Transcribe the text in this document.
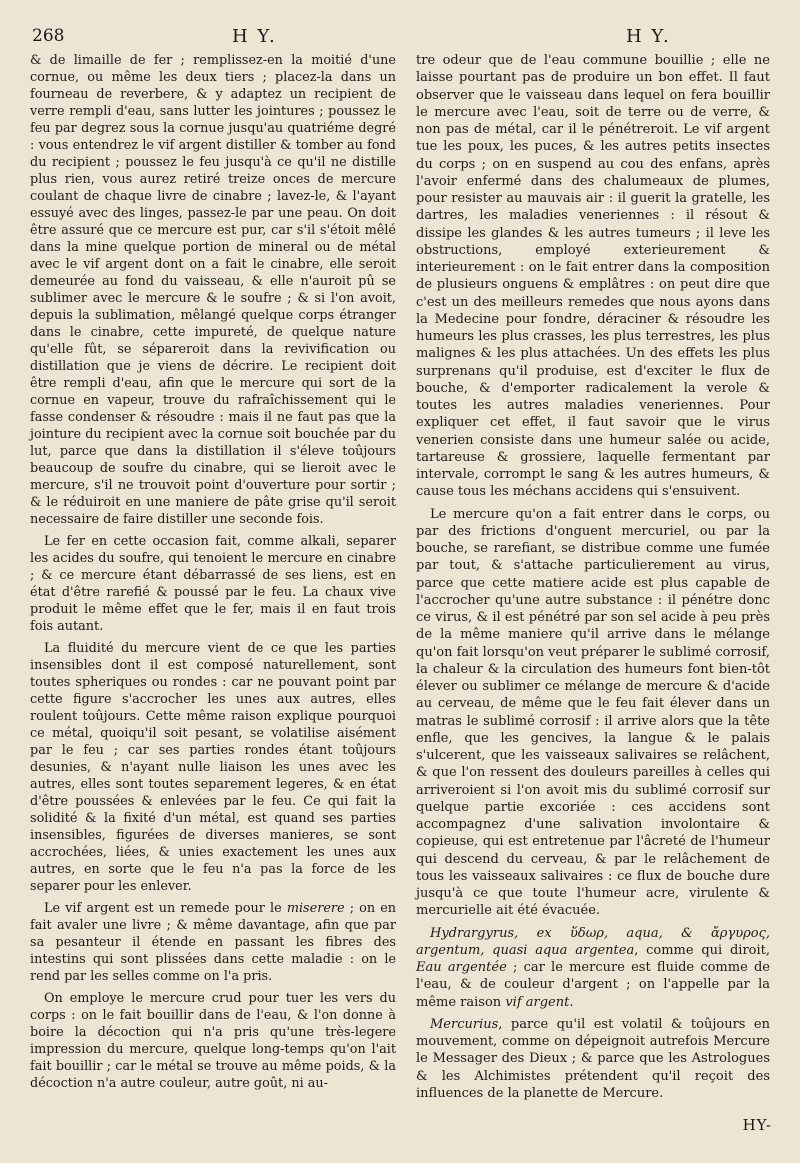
268	H Y.	H Y.

& de limaille de fer ; remplissez-en la moitié d'une cornue, ou même les deux tiers ; placez-la dans un fourneau de reverbere, & y adaptez un recipient de verre rempli d'eau, sans lutter les jointures ; poussez le feu par degrez sous la cornue jusqu'au quatriéme degré : vous entendrez le vif argent distiller & tomber au fond du recipient ; poussez le feu jusqu'à ce qu'il ne distille plus rien, vous aurez retiré treize onces de mercure coulant de chaque livre de cinabre ; lavez-le, & l'ayant essuyé avec des linges, passez-le par une peau. On doit être assuré que ce mercure est pur, car s'il s'étoit mêlé dans la mine quelque portion de mineral ou de métal avec le vif argent dont on a fait le cinabre, elle seroit demeurée au fond du vaisseau, & elle n'auroit pû se sublimer avec le mercure & le soufre ; & si l'on avoit, depuis la sublimation, mêlangé quelque corps étranger dans le cinabre, cette impureté, de quelque nature qu'elle fût, se sépareroit dans la revivification ou distillation que je viens de décrire. Le recipient doit être rempli d'eau, afin que le mercure qui sort de la cornue en vapeur, trouve du rafraîchissement qui le fasse condenser & résoudre : mais il ne faut pas que la jointure du recipient avec la cornue soit bouchée par du lut, parce que dans la distillation il s'éleve toûjours beaucoup de soufre du cinabre, qui se lieroit avec le mercure, s'il ne trouvoit point d'ouverture pour sortir ; & le réduiroit en une maniere de pâte grise qu'il seroit necessaire de faire distiller une seconde fois.

Le fer en cette occasion fait, comme alkali, separer les acides du soufre, qui tenoient le mercure en cinabre ; & ce mercure étant débarrassé de ses liens, est en état d'être rarefié & poussé par le feu. La chaux vive produit le même effet que le fer, mais il en faut trois fois autant.

La fluidité du mercure vient de ce que les parties insensibles dont il est composé naturellement, sont toutes spheriques ou rondes : car ne pouvant point par cette figure s'accrocher les unes aux autres, elles roulent toûjours. Cette même raison explique pourquoi ce métal, quoiqu'il soit pesant, se volatilise aisément par le feu ; car ses parties rondes étant toûjours desunies, & n'ayant nulle liaison les unes avec les autres, elles sont toutes separement legeres, & en état d'être poussées & enlevées par le feu. Ce qui fait la solidité & la fixité d'un métal, est quand ses parties insensibles, figurées de diverses manieres, se sont accrochées, liées, & unies exactement les unes aux autres, en sorte que le feu n'a pas la force de les separer pour les enlever.

Le vif argent est un remede pour le miserere ; on en fait avaler une livre ; & même davantage, afin que par sa pesanteur il étende en passant les fibres des intestins qui sont plissées dans cette maladie : on le rend par les selles comme on l'a pris.

On employe le mercure crud pour tuer les vers du corps : on le fait bouillir dans de l'eau, & l'on donne à boire la décoction qui n'a pris qu'une très-legere impression du mercure, quelque long-temps qu'on l'ait fait bouillir ; car le métal se trouve au même poids, & la décoction n'a autre couleur, autre goût, ni au-

tre odeur que de l'eau commune bouillie ; elle ne laisse pourtant pas de produire un bon effet. Il faut observer que le vaisseau dans lequel on fera bouillir le mercure avec l'eau, soit de terre ou de verre, & non pas de métal, car il le pénétreroit. Le vif argent tue les poux, les puces, & les autres petits insectes du corps ; on en suspend au cou des enfans, après l'avoir enfermé dans des chalumeaux de plumes, pour resister au mauvais air : il guerit la gratelle, les dartres, les maladies veneriennes : il résout & dissipe les glandes & les autres tumeurs ; il leve les obstructions, employé exterieurement & interieurement : on le fait entrer dans la composition de plusieurs onguens & emplâtres : on peut dire que c'est un des meilleurs remedes que nous ayons dans la Medecine pour fondre, déraciner & résoudre les humeurs les plus crasses, les plus terrestres, les plus malignes & les plus attachées. Un des effets les plus surprenans qu'il produise, est d'exciter le flux de bouche, & d'emporter radicalement la verole & toutes les autres maladies veneriennes. Pour expliquer cet effet, il faut savoir que le virus venerien consiste dans une humeur salée ou acide, tartareuse & grossiere, laquelle fermentant par intervale, corrompt le sang & les autres humeurs, & cause tous les méchans accidens qui s'ensuivent.

Le mercure qu'on a fait entrer dans le corps, ou par des frictions d'onguent mercuriel, ou par la bouche, se rarefiant, se distribue comme une fumée par tout, & s'attache particulierement au virus, parce que cette matiere acide est plus capable de l'accrocher qu'une autre substance : il pénétre donc ce virus, & il est pénétré par son sel acide à peu près de la même maniere qu'il arrive dans le mélange qu'on fait lorsqu'on veut préparer le sublimé corrosif, la chaleur & la circulation des humeurs font bien-tôt élever ou sublimer ce mélange de mercure & d'acide au cerveau, de même que le feu fait élever dans un matras le sublimé corrosif : il arrive alors que la tête enfle, que les gencives, la langue & le palais s'ulcerent, que les vaisseaux salivaires se relâchent, & que l'on ressent des douleurs pareilles à celles qui arriveroient si l'on avoit mis du sublimé corrosif sur quelque partie excoriée : ces accidens sont accompagnez d'une salivation involontaire & copieuse, qui est entretenue par l'âcreté de l'humeur qui descend du cerveau, & par le relâchement de tous les vaisseaux salivaires : ce flux de bouche dure jusqu'à ce que toute l'humeur acre, virulente & mercurielle ait été évacuée.

Hydrargyrus, ex ὕδωρ, aqua, & ἄργυρος, argentum, quasi aqua argentea, comme qui diroit, Eau argentée ; car le mercure est fluide comme de l'eau, & de couleur d'argent ; on l'appelle par la même raison vif argent.

Mercurius, parce qu'il est volatil & toûjours en mouvement, comme on dépeignoit autrefois Mercure le Messager des Dieux ; & parce que les Astrologues & les Alchimistes prétendent qu'il reçoit des influences de la planette de Mercure.

HY-
